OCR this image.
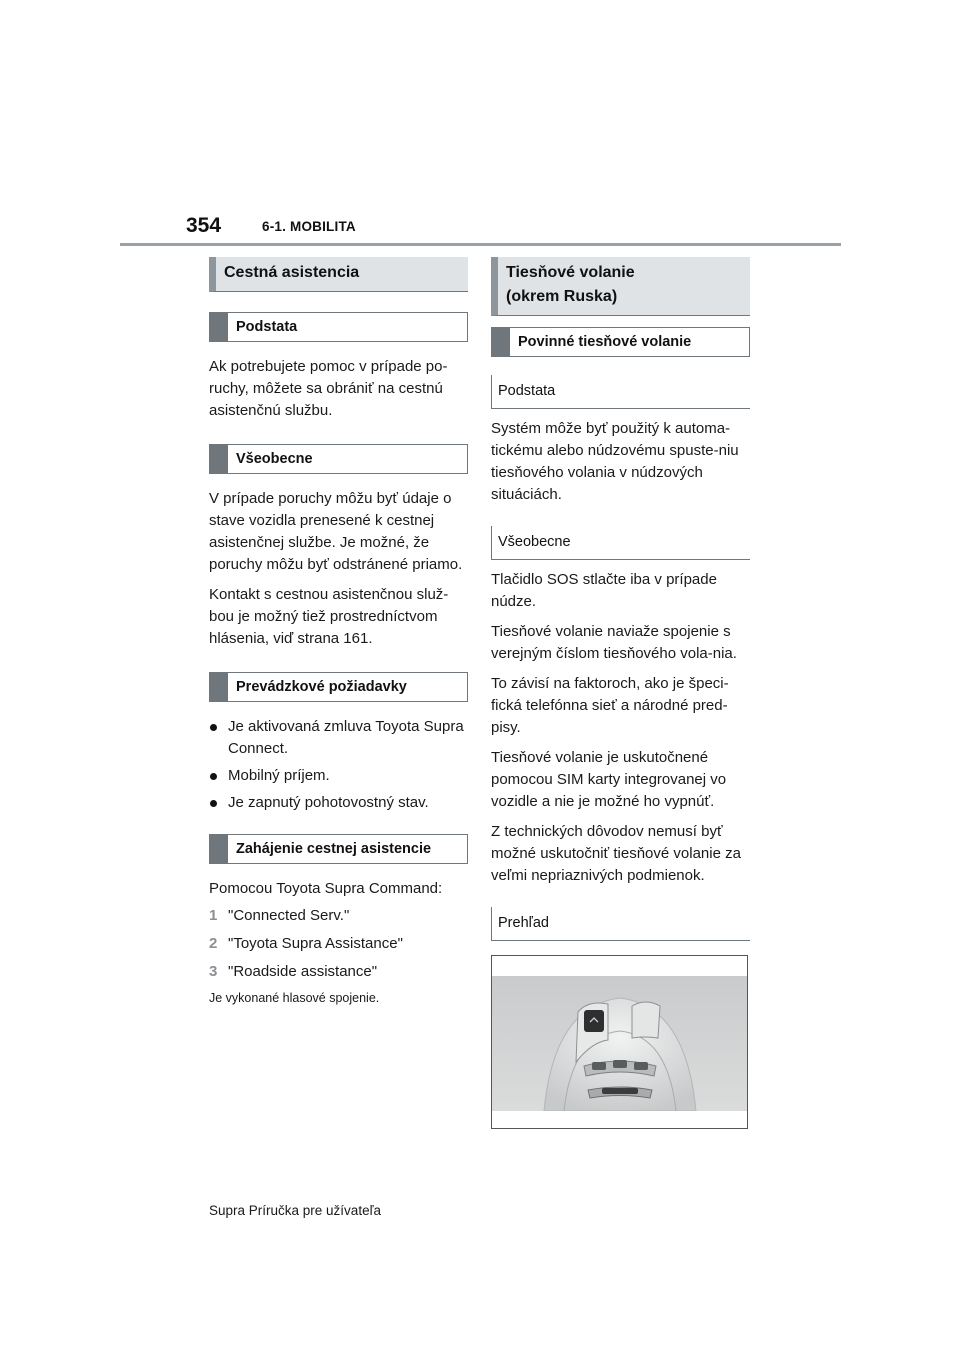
354	6-1. MOBILITA
Cestná asistencia
Podstata

Ak potrebujete pomoc v prípade po-ruchy, môžete sa obrániť na cestnú asistenčnú službu.

Všeobecne

V prípade poruchy môžu byť údaje o stave vozidla prenesené k cestnej asistenčnej službe. Je možné, že poruchy môžu byť odstránené priamo.

Kontakt s cestnou asistenčnou služ-bou je možný tiež prostredníctvom hlásenia, viď strana 161.

Prevádzkové požiadavky
Je aktivovaná zmluva Toyota Supra Connect.
Mobilný príjem.
Je zapnutý pohotovostný stav.
Zahájenie cestnej asistencie

Pomocou Toyota Supra Command:

1 "Connected Serv."
2 "Toyota Supra Assistance"
3 "Roadside assistance"

Je vykonané hlasové spojenie.

Tiesňové volanie
(okrem Ruska)
Povinné tiesňové volanie
Podstata

Systém môže byť použitý k automa-tickému alebo núdzovému spuste-niu tiesňového volania v núdzových situáciách.

Všeobecne

Tlačidlo SOS stlačte iba v prípade núdze.

Tiesňové volanie naviaže spojenie s verejným číslom tiesňového vola-nia.

To závisí na faktoroch, ako je špeci-fická telefónna sieť a národné pred-pisy.

Tiesňové volanie je uskutočnené pomocou SIM karty integrovanej vo vozidle a nie je možné ho vypnúť.

Z technických dôvodov nemusí byť možné uskutočniť tiesňové volanie za veľmi nepriaznivých podmienok.

Prehľad
Supra Príručka pre užívateľa
